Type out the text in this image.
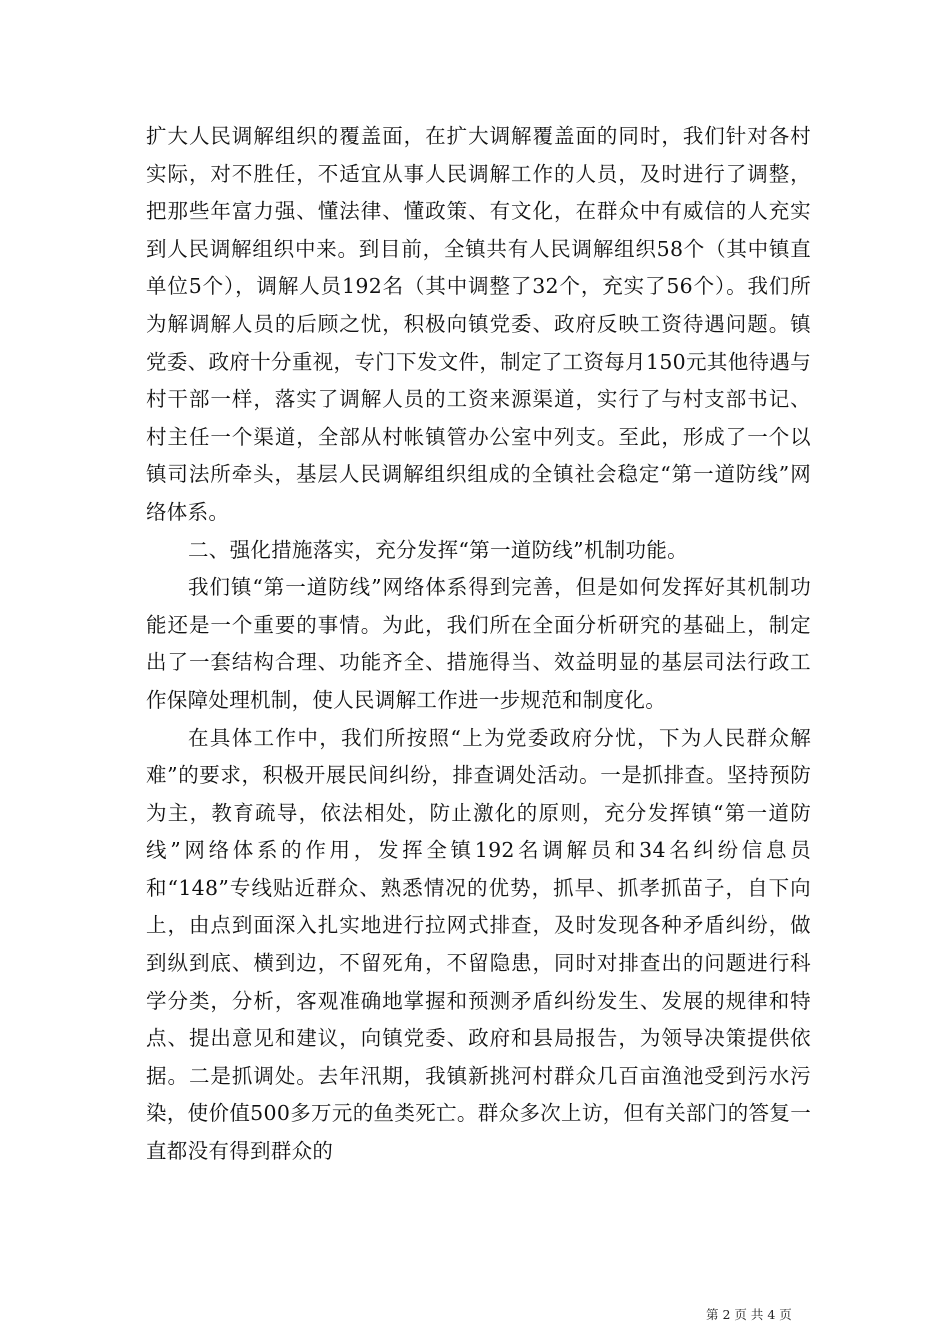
扩大人民调解组织的覆盖面，在扩大调解覆盖面的同时，我们针对各村实际，对不胜任，不适宜从事人民调解工作的人员，及时进行了调整，把那些年富力强、懂法律、懂政策、有文化，在群众中有威信的人充实到人民调解组织中来。到目前，全镇共有人民调解组织58个（其中镇直单位5个），调解人员192名（其中调整了32个，充实了56个）。我们所为解调解人员的后顾之忧，积极向镇党委、政府反映工资待遇问题。镇党委、政府十分重视，专门下发文件，制定了工资每月150元其他待遇与村干部一样，落实了调解人员的工资来源渠道，实行了与村支部书记、村主任一个渠道，全部从村帐镇管办公室中列支。至此，形成了一个以镇司法所牵头，基层人民调解组织组成的全镇社会稳定“第一道防线”网络体系。

二、强化措施落实，充分发挥“第一道防线”机制功能。

我们镇“第一道防线”网络体系得到完善，但是如何发挥好其机制功能还是一个重要的事情。为此，我们所在全面分析研究的基础上，制定出了一套结构合理、功能齐全、措施得当、效益明显的基层司法行政工作保障处理机制，使人民调解工作进一步规范和制度化。

在具体工作中，我们所按照“上为党委政府分忧，下为人民群众解难”的要求，积极开展民间纠纷，排查调处活动。一是抓排查。坚持预防为主，教育疏导，依法相处，防止激化的原则，充分发挥镇“第一道防线”网络体系的作用，发挥全镇192名调解员和34名纠纷信息员和“148”专线贴近群众、熟悉情况的优势，抓早、抓孝抓苗子，自下向上，由点到面深入扎实地进行拉网式排查，及时发现各种矛盾纠纷，做到纵到底、横到边，不留死角，不留隐患，同时对排查出的问题进行科学分类，分析，客观准确地掌握和预测矛盾纠纷发生、发展的规律和特点、提出意见和建议，向镇党委、政府和县局报告，为领导决策提供依据。二是抓调处。去年汛期，我镇新挑河村群众几百亩渔池受到污水污染，使价值500多万元的鱼类死亡。群众多次上访，但有关部门的答复一直都没有得到群众的

第 2 页 共 4 页
